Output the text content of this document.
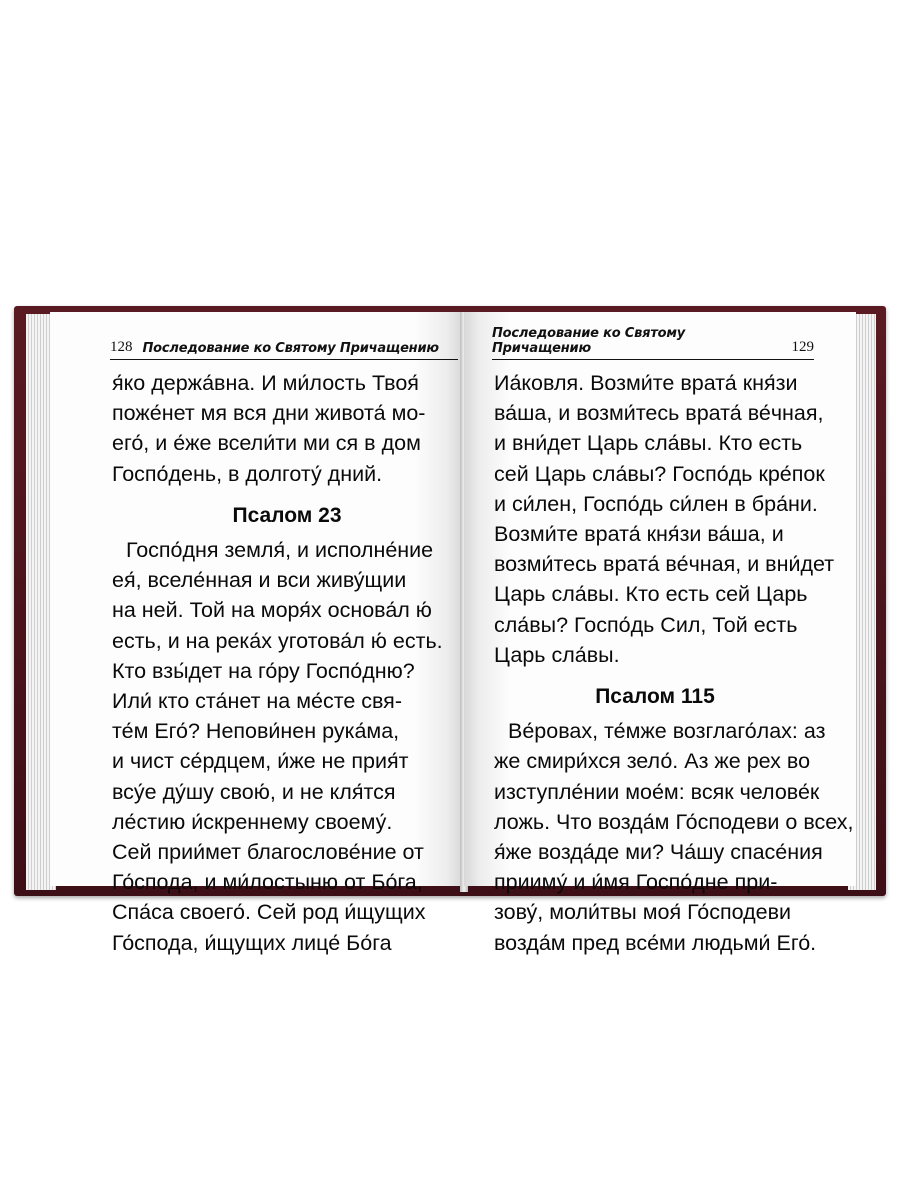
128 Последование ко Святому Причащению
я́ко держа́вна. И ми́лость Твоя́
поже́нет мя вся дни живота́ мо-
его́, и е́же всели́ти ми ся в дом
Госпо́день, в долготу́ дний.
Псалом 23
Госпо́дня земля́, и исполне́ние
ея́, вселе́нная и вси живу́щии
на ней. Той на моря́х основа́л ю́
есть, и на река́х уготова́л ю́ есть.
Кто взы́дет на го́ру Госпо́дню?
Или́ кто ста́нет на ме́сте свя-
те́м Его́? Непови́нен рука́ма,
и чист се́рдцем, и́же не прия́т
всу́е ду́шу свою́, и не кля́тся
ле́стию и́скреннему своему́.
Сей прии́мет благослове́ние от
Го́спода, и ми́лостыню от Бо́га,
Спа́са своего́. Сей род и́щущих
Го́спода, и́щущих лице́ Бо́га
Последование ко Святому Причащению	129
Иа́ковля. Возми́те врата́ кня́зи
ва́ша, и возми́тесь врата́ ве́чная,
и вни́дет Царь сла́вы. Кто есть
сей Царь сла́вы? Госпо́дь кре́пок
и си́лен, Госпо́дь си́лен в бра́ни.
Возми́те врата́ кня́зи ва́ша, и
возми́тесь врата́ ве́чная, и вни́дет
Царь сла́вы. Кто есть сей Царь
сла́вы? Госпо́дь Сил, Той есть
Царь сла́вы.
Псалом 115
Ве́ровах, те́мже возглаго́лах: аз
же смири́хся зело́. Аз же рех во
изступле́нии мое́м: всяк челове́к
ложь. Что возда́м Го́сподеви о всех,
я́же возда́де ми? Ча́шу спасе́ния
прииму́ и и́мя Госпо́дне при-
зову́, моли́твы моя́ Го́сподеви
возда́м пред все́ми людьми́ Его́.
